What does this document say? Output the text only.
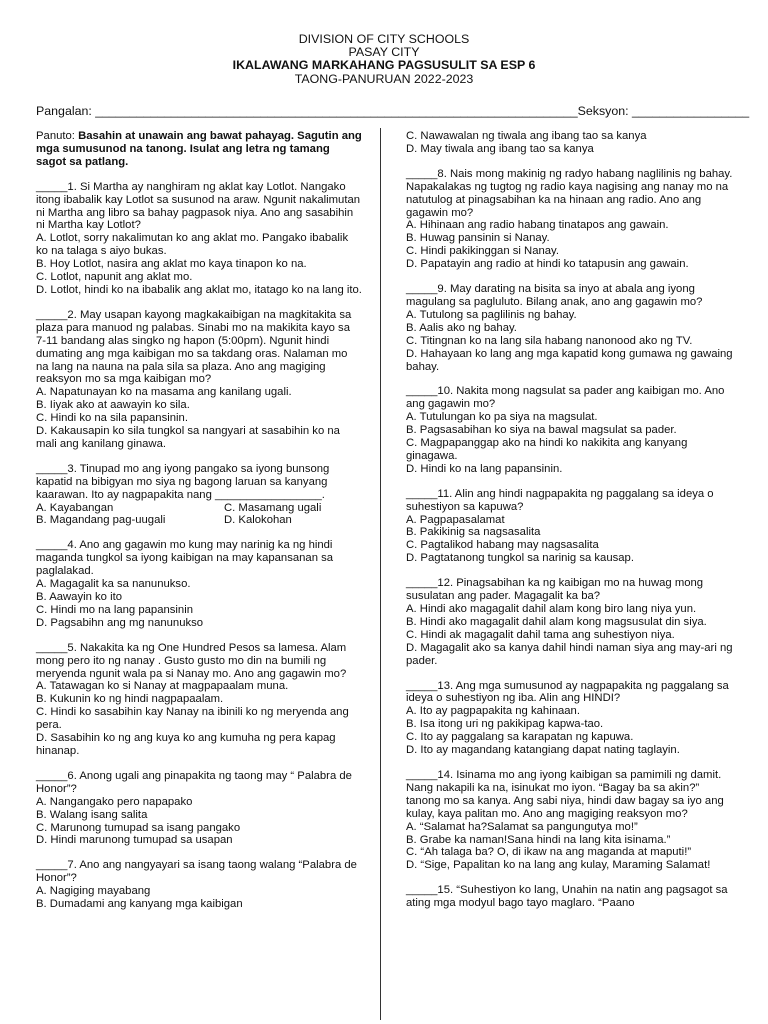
DIVISION OF CITY SCHOOLS
PASAY CITY
IKALAWANG MARKAHANG PAGSUSULIT SA ESP 6
TAONG-PANURUAN 2022-2023
Pangalan: ______________________________________________________________________Seksyon: _________________
Panuto: Basahin at unawain ang bawat pahayag. Sagutin ang mga sumusunod na tanong. Isulat ang letra ng tamang sagot sa patlang.

_____1. Si Martha ay nanghiram ng aklat kay Lotlot. Nangako itong ibabalik kay Lotlot sa susunod na araw. Ngunit nakalimutan ni Martha ang libro sa bahay pagpasok niya. Ano ang sasabihin ni Martha kay Lotlot?

A. Lotlot, sorry nakalimutan ko ang aklat mo. Pangako ibabalik ko na talaga s aiyo bukas.

B. Hoy Lotlot, nasira ang aklat mo kaya tinapon ko na.

C. Lotlot, napunit ang aklat mo.

D. Lotlot, hindi ko na ibabalik ang aklat mo, itatago ko na lang ito.

_____2. May usapan kayong magkakaibigan na magkitakita sa plaza para manuod ng palabas. Sinabi mo na makikita kayo sa 7-11 bandang alas singko ng hapon (5:00pm). Ngunit hindi dumating ang mga kaibigan mo sa takdang oras. Nalaman mo na lang na nauna na pala sila sa plaza. Ano ang magiging reaksyon mo sa mga kaibigan mo?

A. Napatunayan ko na masama ang kanilang ugali.

B. Iiyak ako at aawayin ko sila.

C. Hindi ko na sila papansinin.

D. Kakausapin ko sila tungkol sa nangyari at sasabihin ko na mali ang kanilang ginawa.

_____3. Tinupad mo ang iyong pangako sa iyong bunsong kapatid na bibigyan mo siya ng bagong laruan sa kanyang kaarawan. Ito ay nagpapakita nang _________________.

A. Kayabangan	C. Masamang ugali

B. Magandang pag-uugali	D. Kalokohan

_____4. Ano ang gagawin mo kung may narinig ka ng hindi maganda tungkol sa iyong kaibigan na may kapansanan sa paglalakad.

A. Magagalit ka sa nanunukso.

B. Aawayin ko ito

C. Hindi mo na lang papansinin

D. Pagsabihn ang mg nanunukso

_____5. Nakakita ka ng One Hundred Pesos sa lamesa. Alam mong pero ito ng nanay . Gusto gusto mo din na bumili ng meryenda ngunit wala pa si Nanay mo. Ano ang gagawin mo?

A. Tatawagan ko si Nanay at magpapaalam muna.

B. Kukunin ko ng hindi nagpapaalam.

C. Hindi ko sasabihin kay Nanay na ibinili ko ng meryenda ang pera.

D. Sasabihin ko ng ang kuya ko ang kumuha ng pera kapag hinanap.

_____6. Anong ugali ang pinapakita ng taong may “ Palabra de Honor”?

A. Nangangako pero napapako

B. Walang isang salita

C. Marunong tumupad sa isang pangako

D. Hindi marunong tumupad sa usapan

_____7. Ano ang nangyayari sa isang taong walang “Palabra de Honor”?

A. Nagiging mayabang

B. Dumadami ang kanyang mga kaibigan

C. Nawawalan ng tiwala ang ibang tao sa kanya

D. May tiwala ang ibang tao sa kanya

_____8. Nais mong makinig ng radyo habang naglilinis ng bahay. Napakalakas ng tugtog ng radio kaya nagising ang nanay mo na natutulog at pinagsabihan ka na hinaan ang radio. Ano ang gagawin mo?

A. Hihinaan ang radio habang tinatapos ang gawain.

B. Huwag pansinin si Nanay.

C. Hindi pakikinggan si Nanay.

D. Papatayin ang radio at hindi ko tatapusin ang gawain.

_____9. May darating na bisita sa inyo at abala ang iyong magulang sa pagluluto. Bilang anak, ano ang gagawin mo?

A. Tutulong sa paglilinis ng bahay.

B. Aalis ako ng bahay.

C. Titingnan ko na lang sila habang nanonood ako ng TV.

D. Hahayaan ko lang ang mga kapatid kong gumawa ng gawaing bahay.

_____10. Nakita mong nagsulat sa pader ang kaibigan mo. Ano ang gagawin mo?

A. Tutulungan ko pa siya na magsulat.

B. Pagsasabihan ko siya na bawal magsulat sa pader.

C. Magpapanggap ako na hindi ko nakikita ang kanyang ginagawa.

D. Hindi ko na lang papansinin.

_____11. Alin ang hindi nagpapakita ng paggalang sa ideya o suhestiyon sa kapuwa?

A. Pagpapasalamat

B. Pakikinig sa nagsasalita

C. Pagtalikod habang may nagsasalita

D. Pagtatanong tungkol sa narinig sa kausap.

_____12. Pinagsabihan ka ng kaibigan mo na huwag mong susulatan ang pader. Magagalit ka ba?

A. Hindi ako magagalit dahil alam kong biro lang niya yun.

B. Hindi ako magagalit dahil alam kong magsusulat din siya.

C. Hindi ak magagalit dahil tama ang suhestiyon niya.

D. Magagalit ako sa kanya dahil hindi naman siya ang may-ari ng pader.

_____13. Ang mga sumusunod ay nagpapakita ng paggalang sa ideya o suhestiyon ng iba. Alin ang HINDI?

A. Ito ay pagpapakita ng kahinaan.

B. Isa itong uri ng pakikipag kapwa-tao.

C. Ito ay paggalang sa karapatan ng kapuwa.

D. Ito ay magandang katangiang dapat nating taglayin.

_____14. Isinama mo ang iyong kaibigan sa pamimili ng damit. Nang nakapili ka na, isinukat mo iyon. “Bagay ba sa akin?” tanong mo sa kanya. Ang sabi niya, hindi daw bagay sa iyo ang kulay, kaya palitan mo. Ano ang magiging reaksyon mo?

A. “Salamat ha?Salamat sa pangungutya mo!”

B. Grabe ka naman!Sana hindi na lang kita isinama.”

C. “Ah talaga ba? O, di ikaw na ang maganda at maputi!”

D. “Sige, Papalitan ko na lang ang kulay, Maraming Salamat!

_____15. “Suhestiyon ko lang, Unahin na natin ang pagsagot sa ating mga modyul bago tayo maglaro. “Paano
